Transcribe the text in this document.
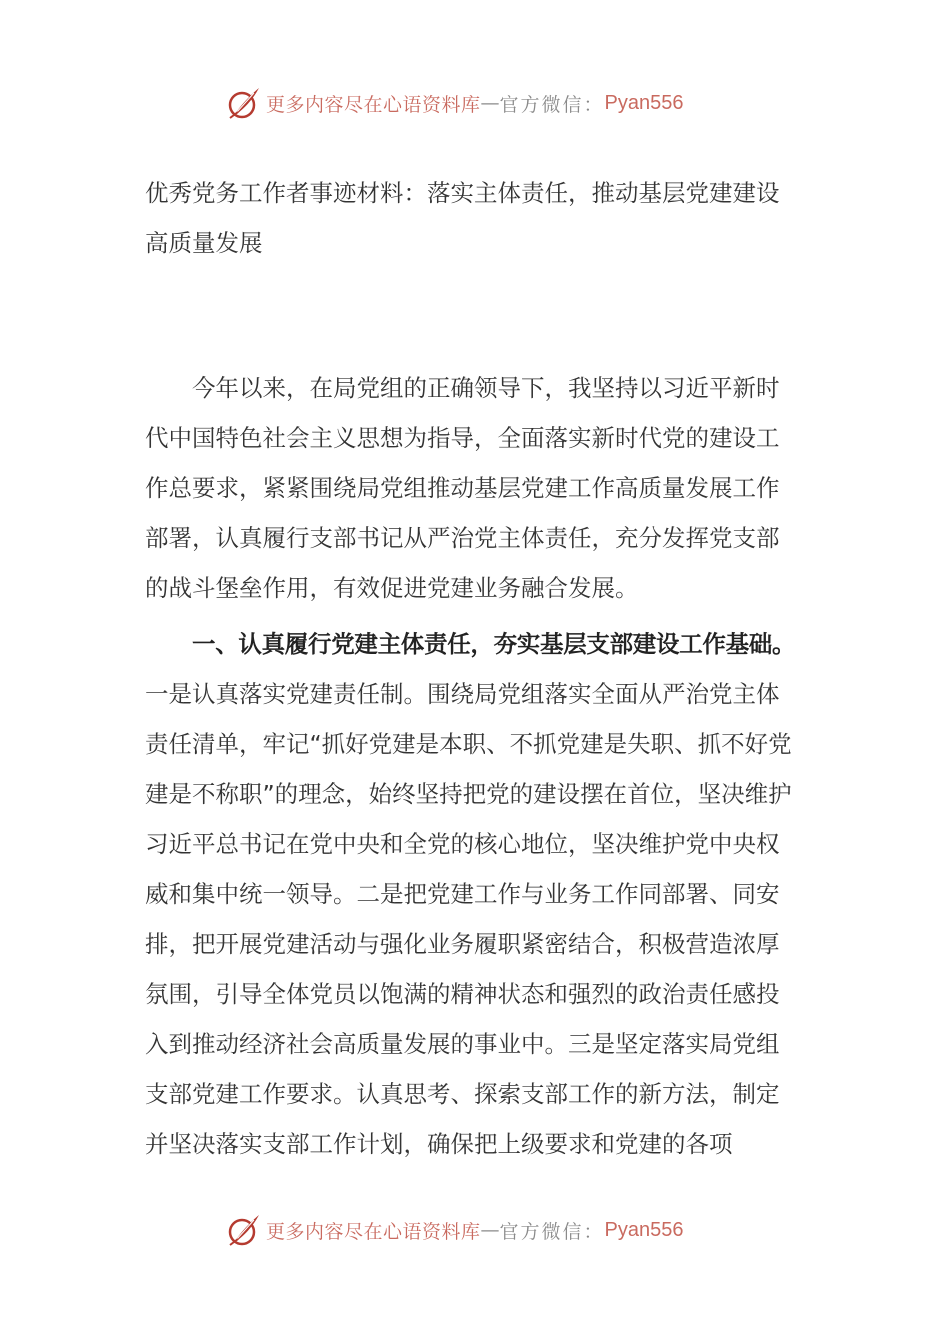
更多内容尽在心语资料库 — 官方微信： Pyan556
优秀党务工作者事迹材料：落实主体责任，推动基层党建建设高质量发展

今年以来，在局党组的正确领导下，我坚持以习近平新时代中国特色社会主义思想为指导，全面落实新时代党的建设工作总要求，紧紧围绕局党组推动基层党建工作高质量发展工作部署，认真履行支部书记从严治党主体责任，充分发挥党支部的战斗堡垒作用，有效促进党建业务融合发展。

一、认真履行党建主体责任，夯实基层支部建设工作基础。一是认真落实党建责任制。围绕局党组落实全面从严治党主体责任清单，牢记“抓好党建是本职、不抓党建是失职、抓不好党建是不称职”的理念，始终坚持把党的建设摆在首位，坚决维护习近平总书记在党中央和全党的核心地位，坚决维护党中央权威和集中统一领导。二是把党建工作与业务工作同部署、同安排，把开展党建活动与强化业务履职紧密结合，积极营造浓厚氛围，引导全体党员以饱满的精神状态和强烈的政治责任感投入到推动经济社会高质量发展的事业中。三是坚定落实局党组支部党建工作要求。认真思考、探索支部工作的新方法，制定并坚决落实支部工作计划，确保把上级要求和党建的各项

更多内容尽在心语资料库 — 官方微信： Pyan556
